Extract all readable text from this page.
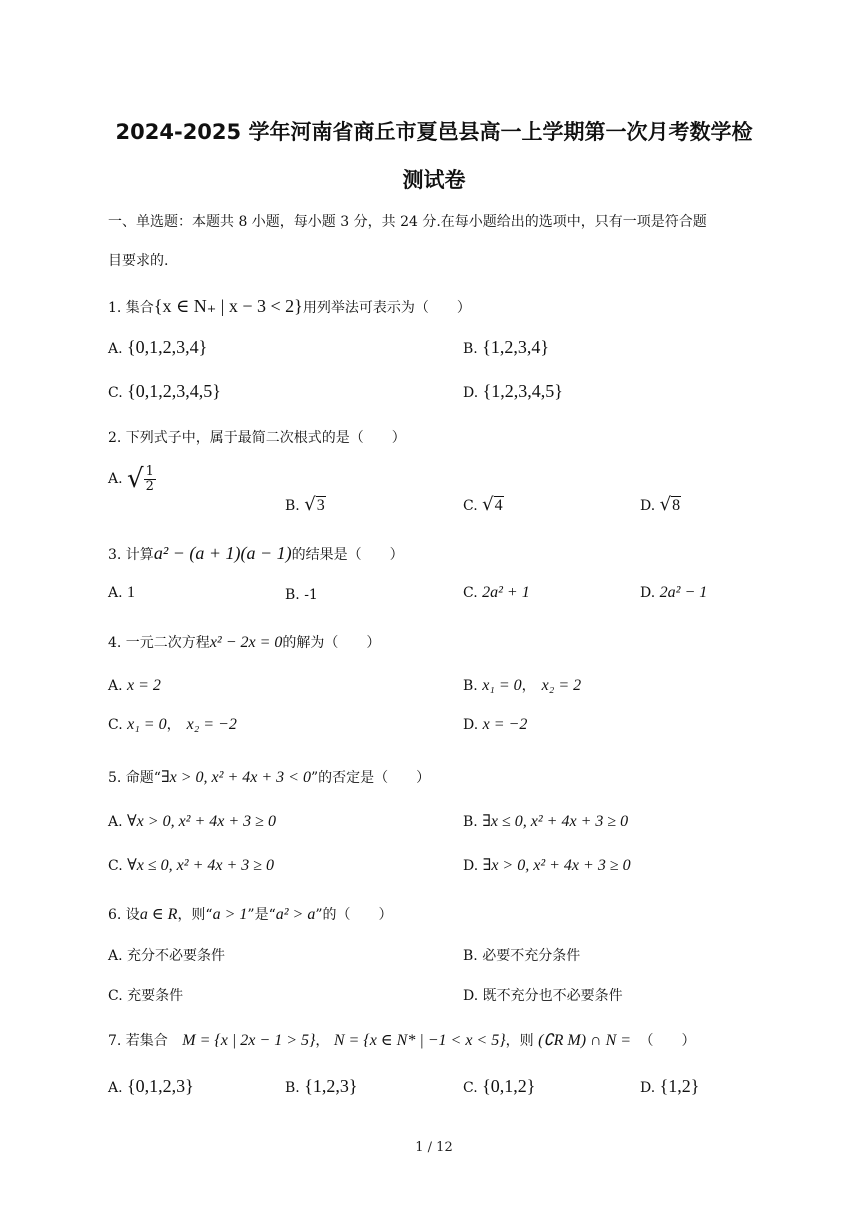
2024-2025 学年河南省商丘市夏邑县高一上学期第一次月考数学检
测试卷
一、单选题：本题共 8 小题，每小题 3 分，共 24 分.在每小题给出的选项中，只有一项是符合题
目要求的.
1. 集合{x ∈ N₊ | x − 3 < 2}用列举法可表示为（　　）
A. {0,1,2,3,4}	B. {1,2,3,4}
C. {0,1,2,3,4,5}	D. {1,2,3,4,5}
2. 下列式子中，属于最简二次根式的是（　　）
A. √ $\frac{1}{2}$
B. √3	C. √4	D. √8
3. 计算a² − (a + 1)(a − 1)的结果是（　　）
A. 1	B. -1	C. 2a² + 1	D. 2a² − 1
4. 一元二次方程x² − 2x = 0的解为（　　）
A. x = 2	B. x₁ = 0， x₂ = 2
C. x₁ = 0， x₂ = −2	D. x = −2
5. 命题“∃x > 0, x² + 4x + 3 < 0”的否定是（　　）
A. ∀x > 0, x² + 4x + 3 ≥ 0	B. ∃x ≤ 0, x² + 4x + 3 ≥ 0
C. ∀x ≤ 0, x² + 4x + 3 ≥ 0	D. ∃x > 0, x² + 4x + 3 ≥ 0
6. 设a ∈ R，则“a > 1”是“a² > a”的（　　）
A. 充分不必要条件	B. 必要不充分条件
C. 充要条件	D. 既不充分也不必要条件
7. 若集合 M = {x | 2x − 1 > 5}， N = {x ∈ N* | −1 < x < 5}，则 (∁R M) ∩ N = （　　）
A. {0,1,2,3}	B. {1,2,3}	C. {0,1,2}	D. {1,2}
1 / 12
